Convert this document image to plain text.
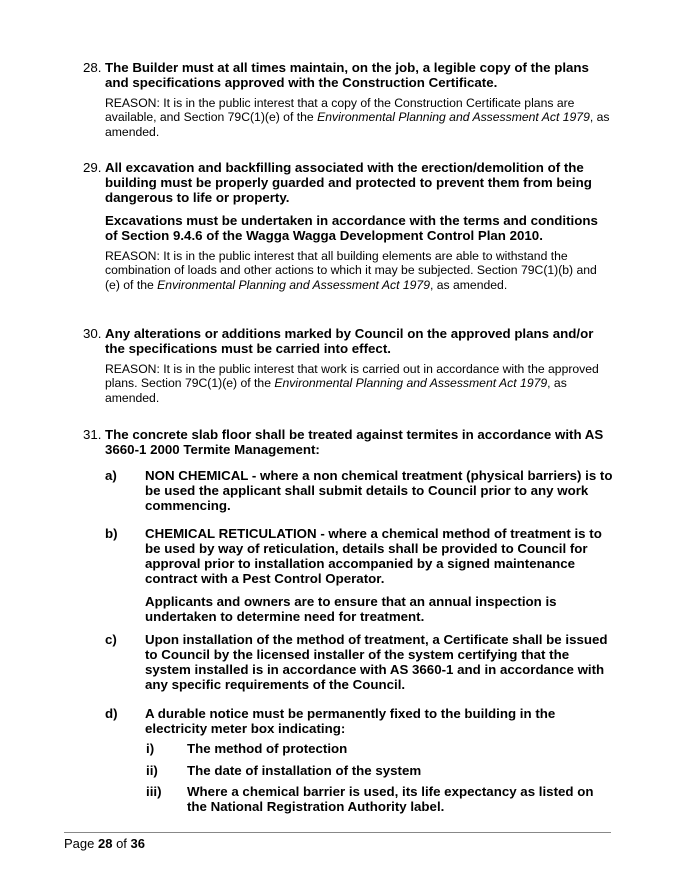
28. The Builder must at all times maintain, on the job, a legible copy of the plans and specifications approved with the Construction Certificate.

REASON: It is in the public interest that a copy of the Construction Certificate plans are available, and Section 79C(1)(e) of the Environmental Planning and Assessment Act 1979, as amended.

29. All excavation and backfilling associated with the erection/demolition of the building must be properly guarded and protected to prevent them from being dangerous to life or property.

Excavations must be undertaken in accordance with the terms and conditions of Section 9.4.6 of the Wagga Wagga Development Control Plan 2010.

REASON: It is in the public interest that all building elements are able to withstand the combination of loads and other actions to which it may be subjected. Section 79C(1)(b) and (e) of the Environmental Planning and Assessment Act 1979, as amended.

30. Any alterations or additions marked by Council on the approved plans and/or the specifications must be carried into effect.

REASON: It is in the public interest that work is carried out in accordance with the approved plans. Section 79C(1)(e) of the Environmental Planning and Assessment Act 1979, as amended.

31. The concrete slab floor shall be treated against termites in accordance with AS 3660-1 2000 Termite Management:

a) NON CHEMICAL - where a non chemical treatment (physical barriers) is to be used the applicant shall submit details to Council prior to any work commencing.

b) CHEMICAL RETICULATION - where a chemical method of treatment is to be used by way of reticulation, details shall be provided to Council for approval prior to installation accompanied by a signed maintenance contract with a Pest Control Operator.

Applicants and owners are to ensure that an annual inspection is undertaken to determine need for treatment.

c) Upon installation of the method of treatment, a Certificate shall be issued to Council by the licensed installer of the system certifying that the system installed is in accordance with AS 3660-1 and in accordance with any specific requirements of the Council.

d) A durable notice must be permanently fixed to the building in the electricity meter box indicating:

i) The method of protection
ii) The date of installation of the system
iii) Where a chemical barrier is used, its life expectancy as listed on the National Registration Authority label.
Page 28 of 36
